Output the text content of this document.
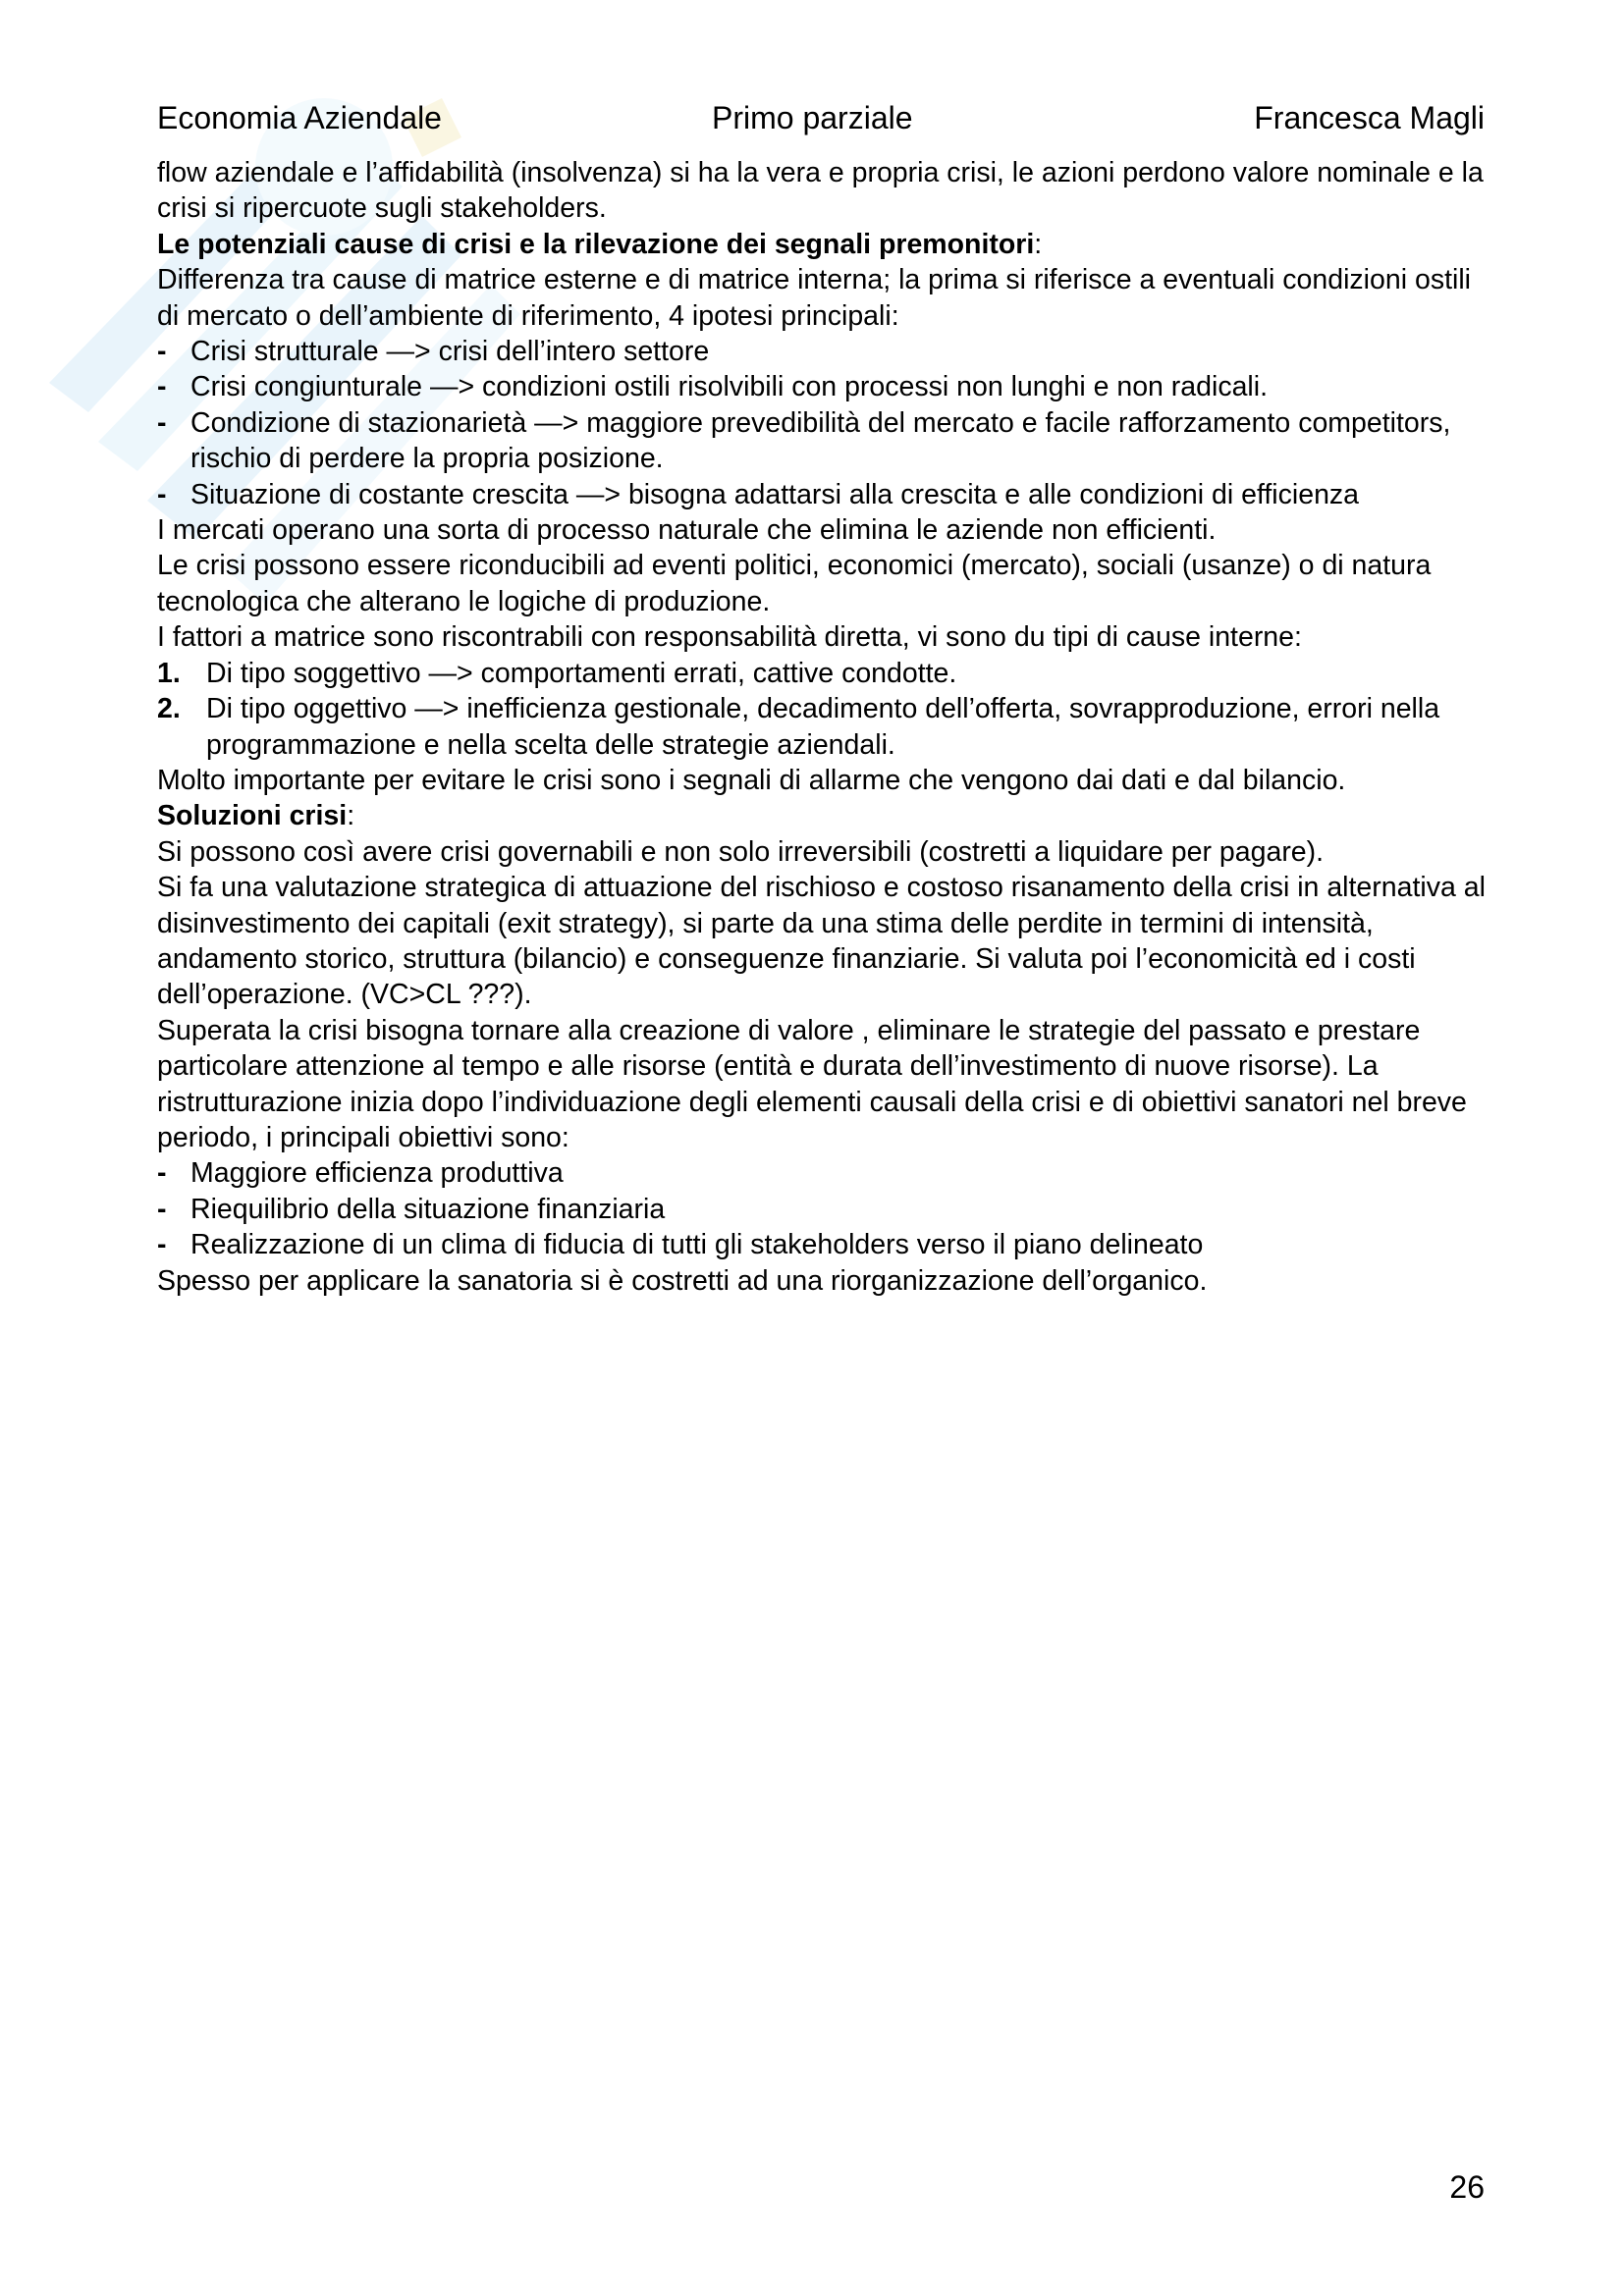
Economia Aziendale	Primo parziale	Francesca Magli

flow aziendale e l’affidabilità (insolvenza) si ha la vera e propria crisi, le azioni perdono valore nominale e la crisi si ripercuote sugli stakeholders.

Le potenziali cause di crisi e la rilevazione dei segnali premonitori:

Differenza tra cause di matrice esterne e di matrice interna; la prima si riferisce a eventuali condizioni ostili di mercato o dell’ambiente di riferimento, 4 ipotesi principali:

- Crisi strutturale —> crisi dell’intero settore
- Crisi congiunturale —> condizioni ostili risolvibili con processi non lunghi e non radicali.
- Condizione di stazionarietà —> maggiore prevedibilità del mercato e facile rafforzamento competitors, rischio di perdere la propria posizione.
- Situazione di costante crescita —> bisogna adattarsi alla crescita e alle condizioni di efficienza

I mercati operano una sorta di processo naturale che elimina le aziende non efficienti.

Le crisi possono essere riconducibili ad eventi politici, economici (mercato), sociali (usanze) o di natura tecnologica che alterano le logiche di produzione.

I fattori a matrice sono riscontrabili con responsabilità diretta, vi sono du tipi di cause interne:

1. Di tipo soggettivo —> comportamenti errati, cattive condotte.
2. Di tipo oggettivo —> inefficienza gestionale, decadimento dell’offerta, sovrapproduzione, errori nella programmazione e nella scelta delle strategie aziendali.

Molto importante per evitare le crisi sono i segnali di allarme che vengono dai dati e dal bilancio.

Soluzioni crisi:

Si possono così avere crisi governabili e non solo irreversibili (costretti a liquidare per pagare).

Si fa una valutazione strategica di attuazione del rischioso e costoso risanamento della crisi in alternativa al disinvestimento dei capitali (exit strategy), si parte da una stima delle perdite in termini di intensità, andamento storico, struttura (bilancio) e conseguenze finanziarie. Si valuta poi l’economicità ed i costi dell’operazione. (VC>CL ???).

Superata la crisi bisogna tornare alla creazione di valore , eliminare le strategie del passato e prestare particolare attenzione al tempo e alle risorse (entità e durata dell’investimento di nuove risorse). La ristrutturazione inizia dopo l’individuazione degli elementi causali della crisi e di obiettivi sanatori nel breve periodo, i principali obiettivi sono:

- Maggiore efficienza produttiva
- Riequilibrio della situazione finanziaria
- Realizzazione di un clima di fiducia di tutti gli stakeholders verso il piano delineato

Spesso per applicare la sanatoria si è costretti ad una riorganizzazione dell’organico.

26
